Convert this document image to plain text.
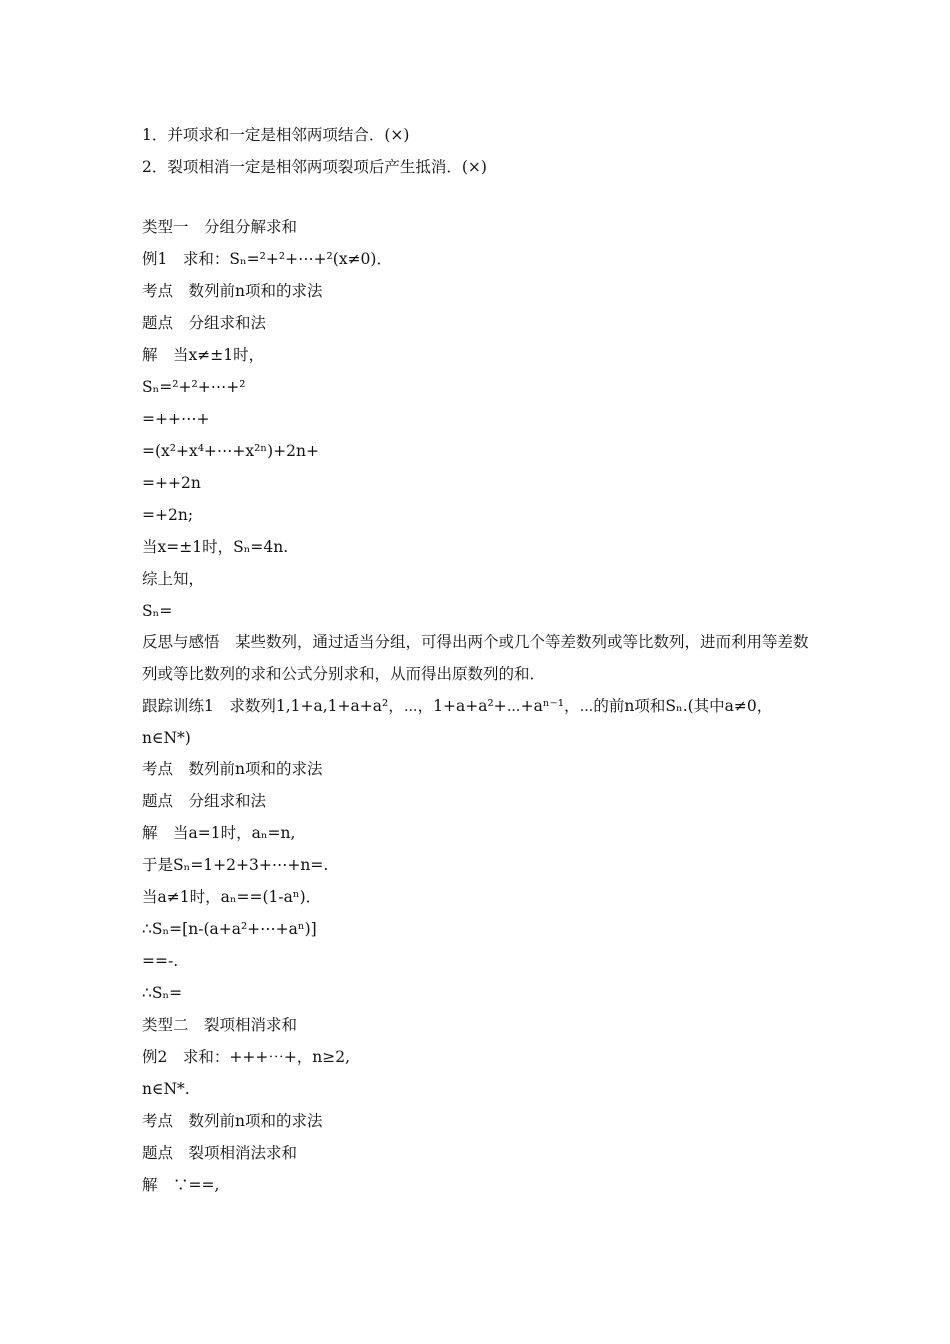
1．并项求和一定是相邻两项结合．(×)
2．裂项相消一定是相邻两项裂项后产生抵消．(×)
类型一　分组分解求和
例1　求和：Sₙ=²+²+⋯+²(x≠0)．
考点　数列前n项和的求法
题点　分组求和法
解　当x≠±1时，
Sₙ=²+²+⋯+²
=++⋯+
=(x²+x⁴+⋯+x²ⁿ)+2n+
=++2n
=+2n;
当x=±1时，Sₙ=4n.
综上知，
Sₙ=
反思与感悟　某些数列，通过适当分组，可得出两个或几个等差数列或等比数列，进而利用等差数列或等比数列的求和公式分别求和，从而得出原数列的和．
跟踪训练1　求数列1,1+a,1+a+a²，⋯，1+a+a²+⋯+aⁿ⁻¹，⋯的前n项和Sₙ.(其中a≠0，n∈N*)
考点　数列前n项和的求法
题点　分组求和法
解　当a=1时，aₙ=n,
于是Sₙ=1+2+3+⋯+n=.
当a≠1时，aₙ==(1-aⁿ)．
∴Sₙ=[n-(a+a²+⋯+aⁿ)]
==-.
∴Sₙ=
类型二　裂项相消求和
例2　求和：+++⋯+，n≥2,
n∈N*.
考点　数列前n项和的求法
题点　裂项相消法求和
解　∵==,
